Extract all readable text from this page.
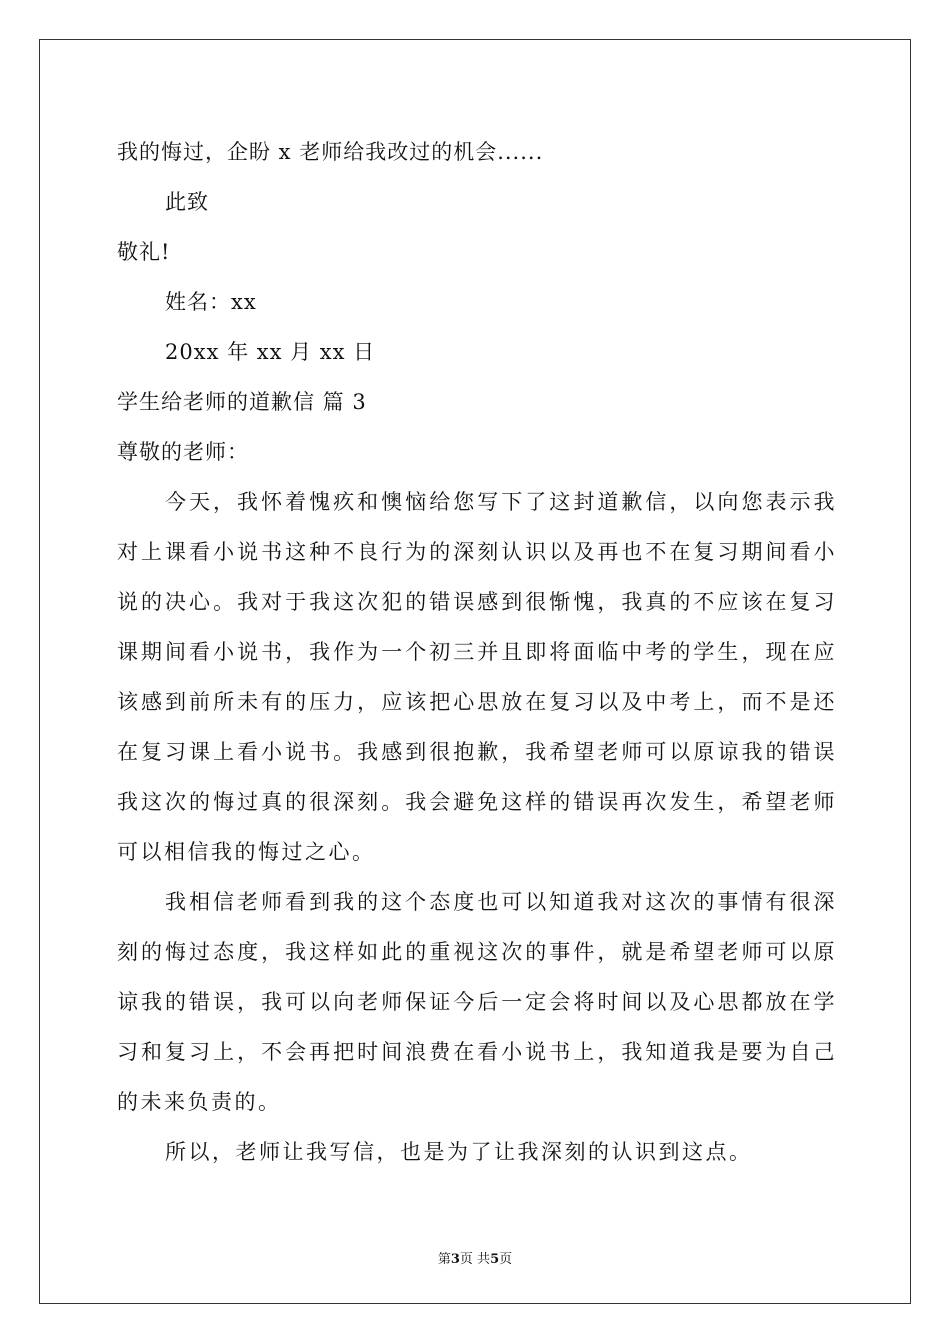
我的悔过，企盼 x 老师给我改过的机会......
此致
敬礼!
姓名：xx
20xx 年 xx 月 xx 日
学生给老师的道歉信 篇 3
尊敬的老师：

今天，我怀着愧疚和懊恼给您写下了这封道歉信，以向您表示我对上课看小说书这种不良行为的深刻认识以及再也不在复习期间看小说的决心。我对于我这次犯的错误感到很惭愧，我真的不应该在复习课期间看小说书，我作为一个初三并且即将面临中考的学生，现在应该感到前所未有的压力，应该把心思放在复习以及中考上，而不是还在复习课上看小说书。我感到很抱歉，我希望老师可以原谅我的错误我这次的悔过真的很深刻。我会避免这样的错误再次发生，希望老师可以相信我的悔过之心。

我相信老师看到我的这个态度也可以知道我对这次的事情有很深刻的悔过态度，我这样如此的重视这次的事件，就是希望老师可以原谅我的错误，我可以向老师保证今后一定会将时间以及心思都放在学习和复习上，不会再把时间浪费在看小说书上，我知道我是要为自己的未来负责的。

所以，老师让我写信，也是为了让我深刻的认识到这点。

第3页 共5页
